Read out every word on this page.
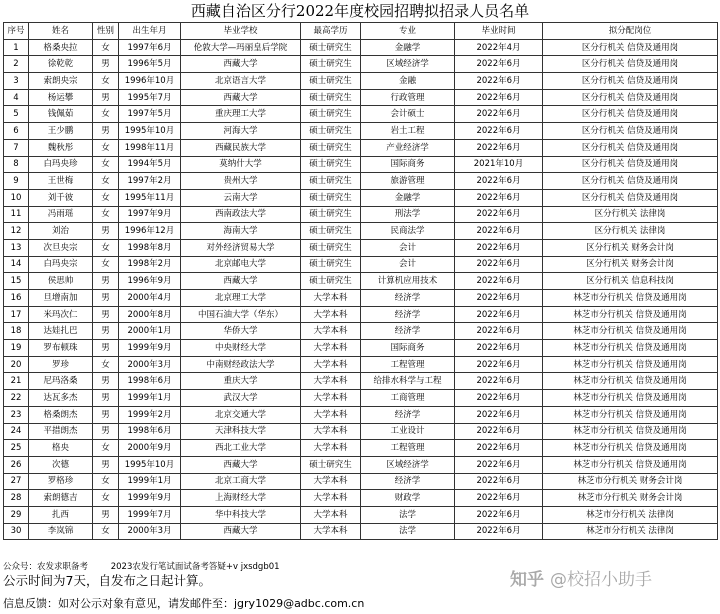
西藏自治区分行2022年度校园招聘拟招录人员名单
序号	姓名	性别	出生年月	毕业学校	最高学历	专业	毕业时间	拟分配岗位
1	格桑央拉	女	1997年6月	伦敦大学—玛丽皇后学院	硕士研究生	金融学	2022年4月	区分行机关 信贷及通用岗
2	徐乾乾	男	1996年5月	西藏大学	硕士研究生	区域经济学	2022年6月	区分行机关 信贷及通用岗
3	索朗央宗	女	1996年10月	北京语言大学	硕士研究生	金融	2022年6月	区分行机关 信贷及通用岗
4	杨运攀	男	1995年7月	西藏大学	硕士研究生	行政管理	2022年6月	区分行机关 信贷及通用岗
5	钱佩茹	女	1997年5月	重庆理工大学	硕士研究生	会计硕士	2022年6月	区分行机关 信贷及通用岗
6	王少鹏	男	1995年10月	河海大学	硕士研究生	岩土工程	2022年6月	区分行机关 信贷及通用岗
7	魏秋彤	女	1998年11月	西藏民族大学	硕士研究生	产业经济学	2022年6月	区分行机关 信贷及通用岗
8	白玛央珍	女	1994年5月	莫纳什大学	硕士研究生	国际商务	2021年10月	区分行机关 信贷及通用岗
9	王世梅	女	1997年2月	贵州大学	硕士研究生	旅游管理	2022年6月	区分行机关 信贷及通用岗
10	刘千彼	女	1995年11月	云南大学	硕士研究生	金融学	2022年6月	区分行机关 信贷及通用岗
11	冯雨瑶	女	1997年9月	西南政法大学	硕士研究生	刑法学	2022年6月	区分行机关 法律岗
12	刘治	男	1996年12月	海南大学	硕士研究生	民商法学	2022年6月	区分行机关 法律岗
13	次旦央宗	女	1998年8月	对外经济贸易大学	硕士研究生	会计	2022年6月	区分行机关 财务会计岗
14	白玛央宗	女	1998年2月	北京邮电大学	硕士研究生	会计	2022年6月	区分行机关 财务会计岗
15	侯思帅	男	1996年9月	西藏大学	硕士研究生	计算机应用技术	2022年6月	区分行机关 信息科技岗
16	旦增南加	男	2000年4月	北京理工大学	大学本科	经济学	2022年6月	林芝市分行机关 信贷及通用岗
17	米玛次仁	男	2000年8月	中国石油大学（华东）	大学本科	经济学	2022年6月	林芝市分行机关 信贷及通用岗
18	达娃扎巴	男	2000年1月	华侨大学	大学本科	经济学	2022年6月	林芝市分行机关 信贷及通用岗
19	罗布顿珠	男	1999年9月	中央财经大学	大学本科	国际商务	2022年6月	林芝市分行机关 信贷及通用岗
20	罗珍	女	2000年3月	中南财经政法大学	大学本科	工程管理	2022年6月	林芝市分行机关 信贷及通用岗
21	尼玛洛桑	男	1998年6月	重庆大学	大学本科	给排水科学与工程	2022年6月	林芝市分行机关 信贷及通用岗
22	达瓦多杰	男	1999年1月	武汉大学	大学本科	工商管理	2022年6月	林芝市分行机关 信贷及通用岗
23	格桑朗杰	男	1999年2月	北京交通大学	大学本科	经济学	2022年6月	林芝市分行机关 信贷及通用岗
24	平措朗杰	男	1998年6月	天津科技大学	大学本科	工业设计	2022年6月	林芝市分行机关 信贷及通用岗
25	格央	女	2000年9月	西北工业大学	大学本科	工程管理	2022年6月	林芝市分行机关 信贷及通用岗
26	次德	男	1995年10月	西藏大学	硕士研究生	区域经济学	2022年6月	林芝市分行机关 信贷及通用岗
27	罗格珍	女	1999年1月	北京工商大学	大学本科	经济学	2022年6月	林芝市分行机关 财务会计岗
28	索朗德吉	女	1999年9月	上海财经大学	大学本科	财政学	2022年6月	林芝市分行机关 财务会计岗
29	扎西	男	1999年7月	华中科技大学	大学本科	法学	2022年6月	林芝市分行机关 法律岗
30	李岚锦	女	2000年3月	西藏大学	大学本科	法学	2022年6月	林芝市分行机关 法律岗
公众号：农发求职备考	2023农发行笔试面试备考答疑+v jxsdgb01
公示时间为7天，自发布之日起计算。
信息反馈：如对公示对象有意见，请发邮件至：jgry1029@adbc.com.cn
知乎 @校招小助手
